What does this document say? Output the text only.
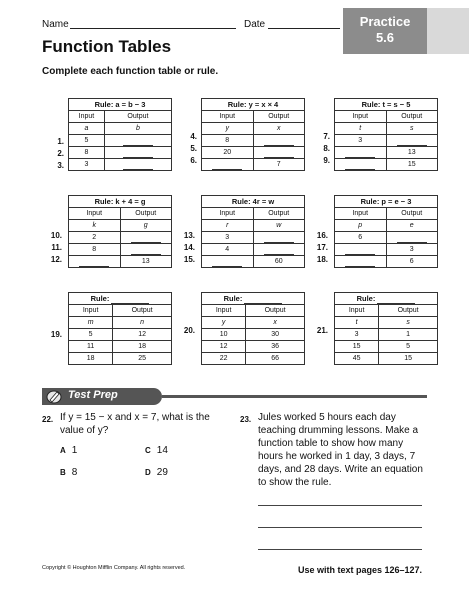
Name	Date	Practice
5.6
Function Tables
Complete each function table or rule.
Rule: a = b − 3	
Input	Output
a	b
5	
8	
3	
1.
2.
3.
Rule: y = x × 4	
Input	Output
y	x
8	
20	
	7
4.
5.
6.
Rule: t = s − 5	
Input	Output
t	s
3	
	13
	15
7.
8.
9.
Rule: k + 4 = g	
Input	Output
k	g
2	
8	
	13
10.
11.
12.
Rule: 4r = w	
Input	Output
r	w
3	
4	
	60
13.
14.
15.
Rule: p = e − 3	
Input	Output
p	e
6	
	3
	6
16.
17.
18.
Rule:	
Input	Output
m	n
5	12
11	18
18	25
19.
Rule:	
Input	Output
y	x
10	30
12	36
22	66
20.
Rule:	
Input	Output
t	s
3	1
15	5
45	15
21.
Test Prep
22. If y = 15 − x and x = 7, what is the value of y?
A 1	C 14
B 8	D 29
23. Jules worked 5 hours each day teaching drumming lessons. Make a function table to show how many hours he worked in 1 day, 3 days, 7 days, and 28 days. Write an equation to show the rule.
Copyright © Houghton Mifflin Company. All rights reserved.	Use with text pages 126–127.
